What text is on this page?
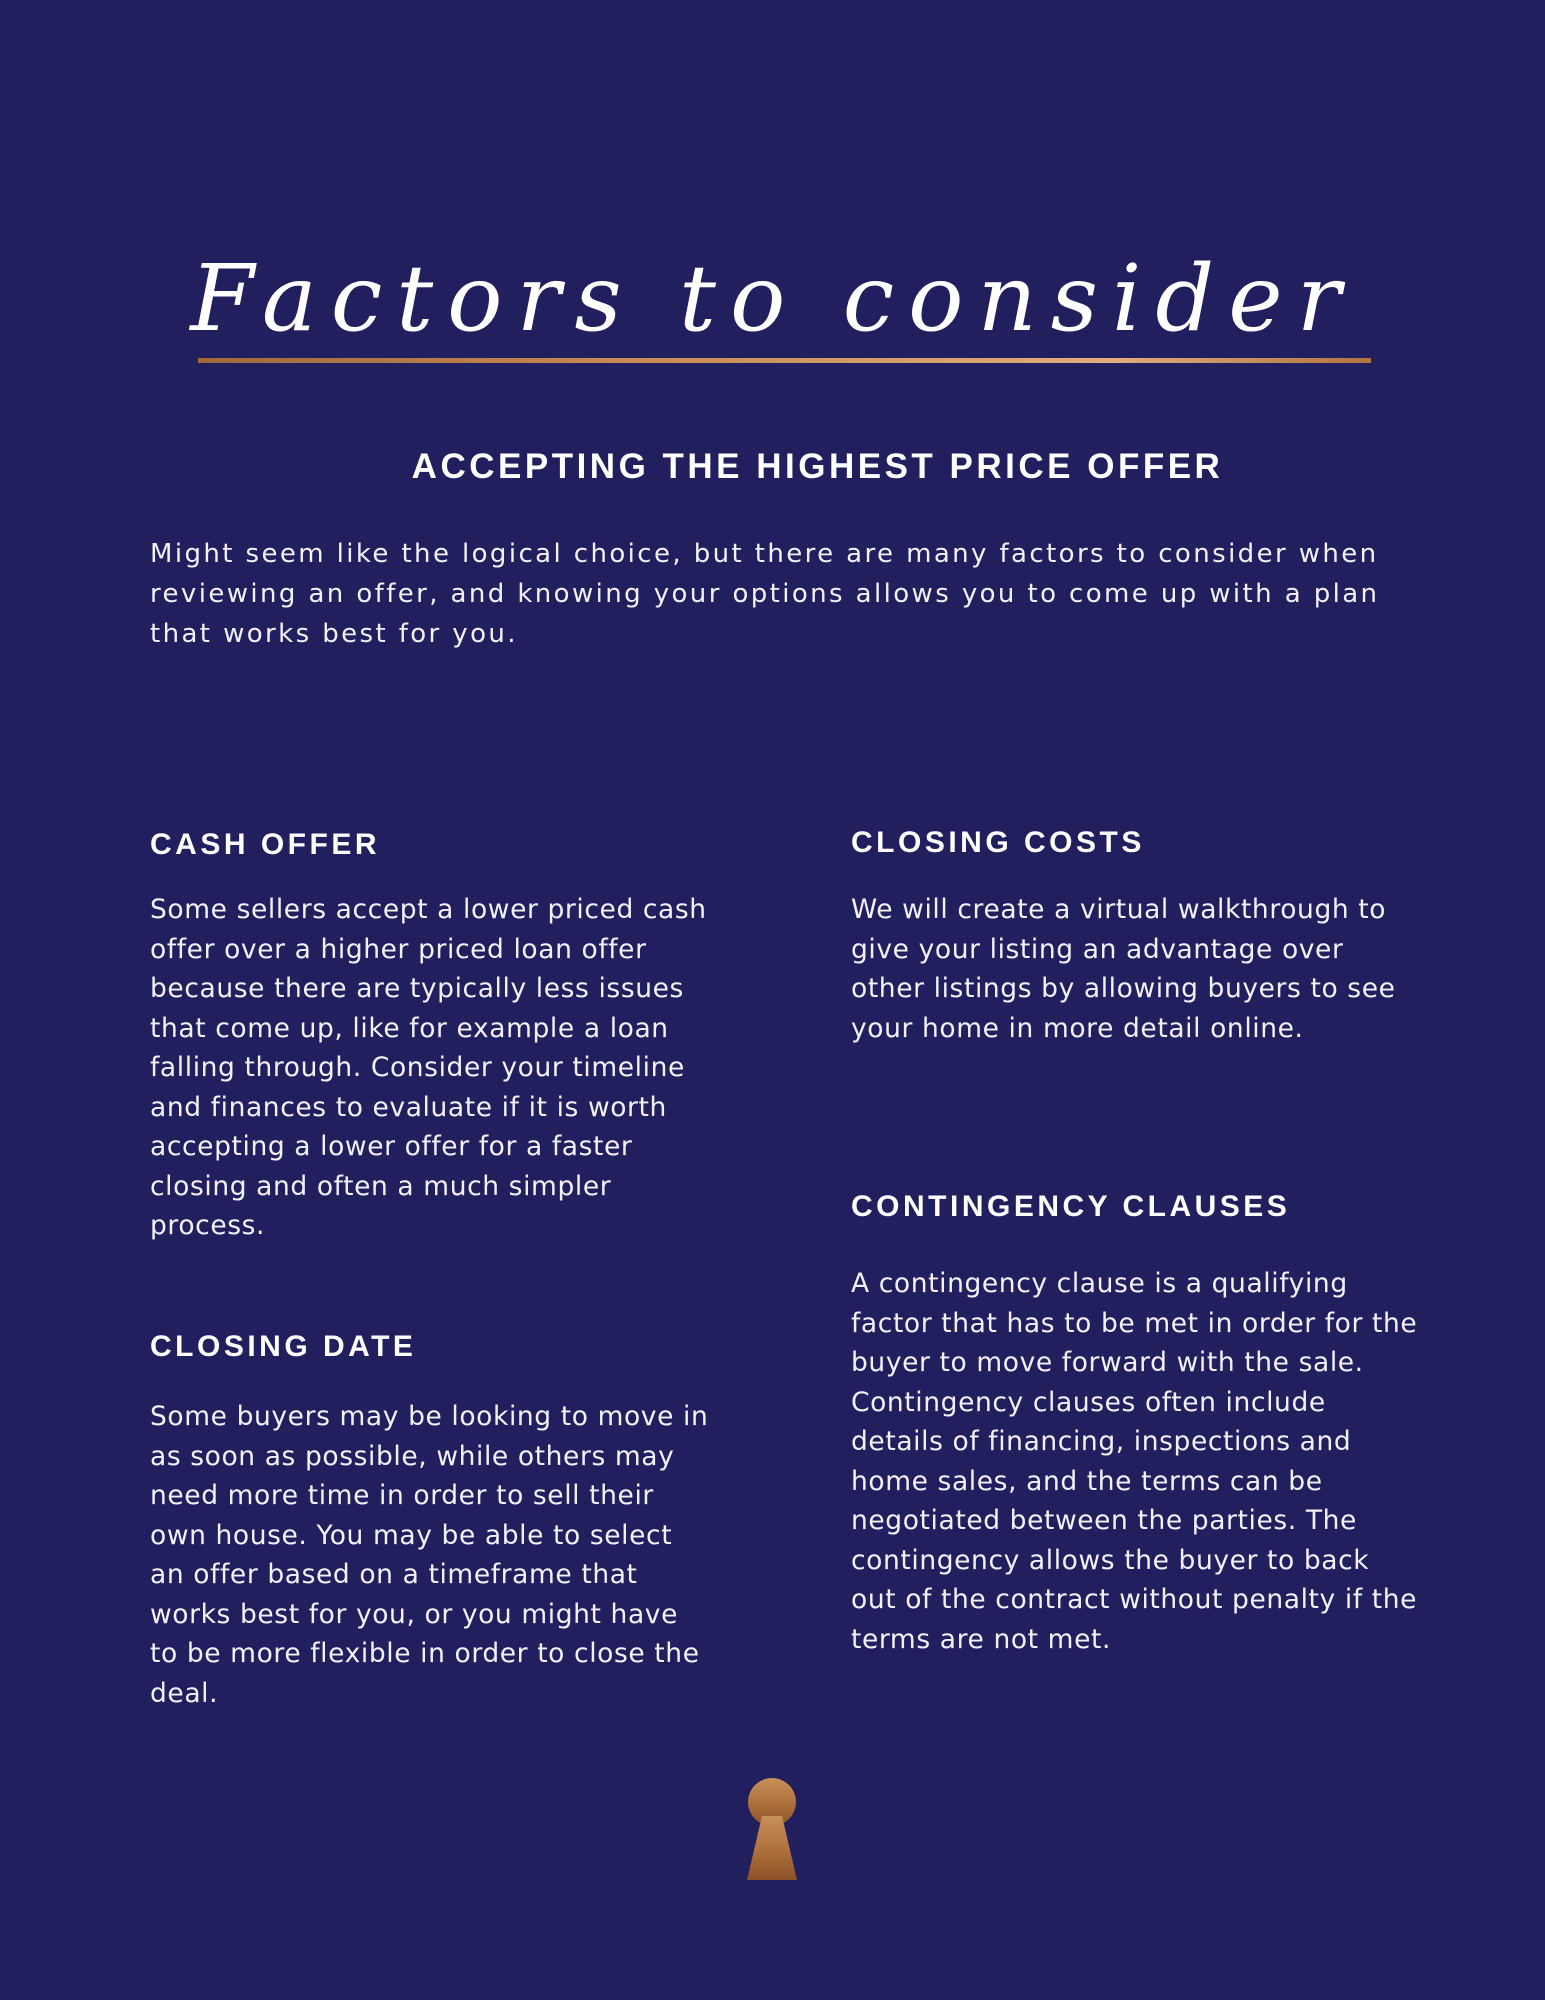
Factors to consider
ACCEPTING THE HIGHEST PRICE OFFER

Might seem like the logical choice, but there are many factors to consider when reviewing an offer, and knowing your options allows you to come up with a plan that works best for you.

CASH OFFER

Some sellers accept a lower priced cash offer over a higher priced loan offer because there are typically less issues that come up, like for example a loan falling through. Consider your timeline and finances to evaluate if it is worth accepting a lower offer for a faster closing and often a much simpler process.

CLOSING DATE

Some buyers may be looking to move in as soon as possible, while others may need more time in order to sell their own house. You may be able to select an offer based on a timeframe that works best for you, or you might have to be more flexible in order to close the deal.

CLOSING COSTS

We will create a virtual walkthrough to give your listing an advantage over other listings by allowing buyers to see your home in more detail online.

CONTINGENCY CLAUSES

A contingency clause is a qualifying factor that has to be met in order for the buyer to move forward with the sale. Contingency clauses often include details of financing, inspections and home sales, and the terms can be negotiated between the parties. The contingency allows the buyer to back out of the contract without penalty if the terms are not met.
